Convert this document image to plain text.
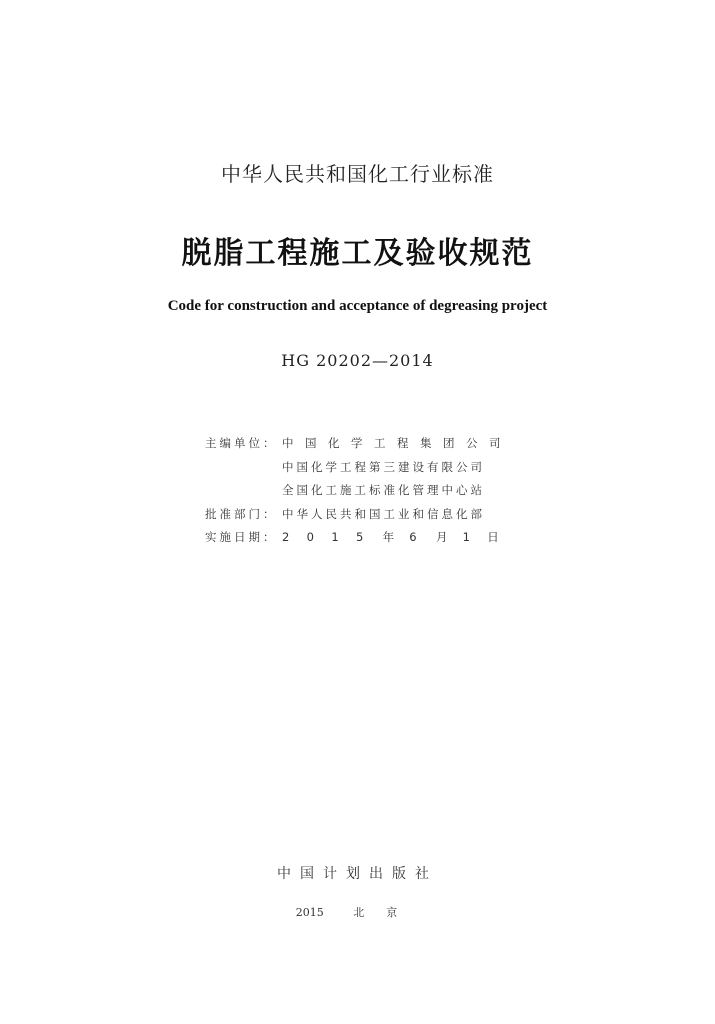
中华人民共和国化工行业标准
脱脂工程施工及验收规范
Code for construction and acceptance of degreasing project
HG 20202—2014
主编单位： 中国化学工程集团公司
中国化学工程第三建设有限公司
全国化工施工标准化管理中心站
批准部门： 中华人民共和国工业和信息化部
实施日期： 2 0 1 5 年 6 月 1 日
中国计划出版社
2015	北京
